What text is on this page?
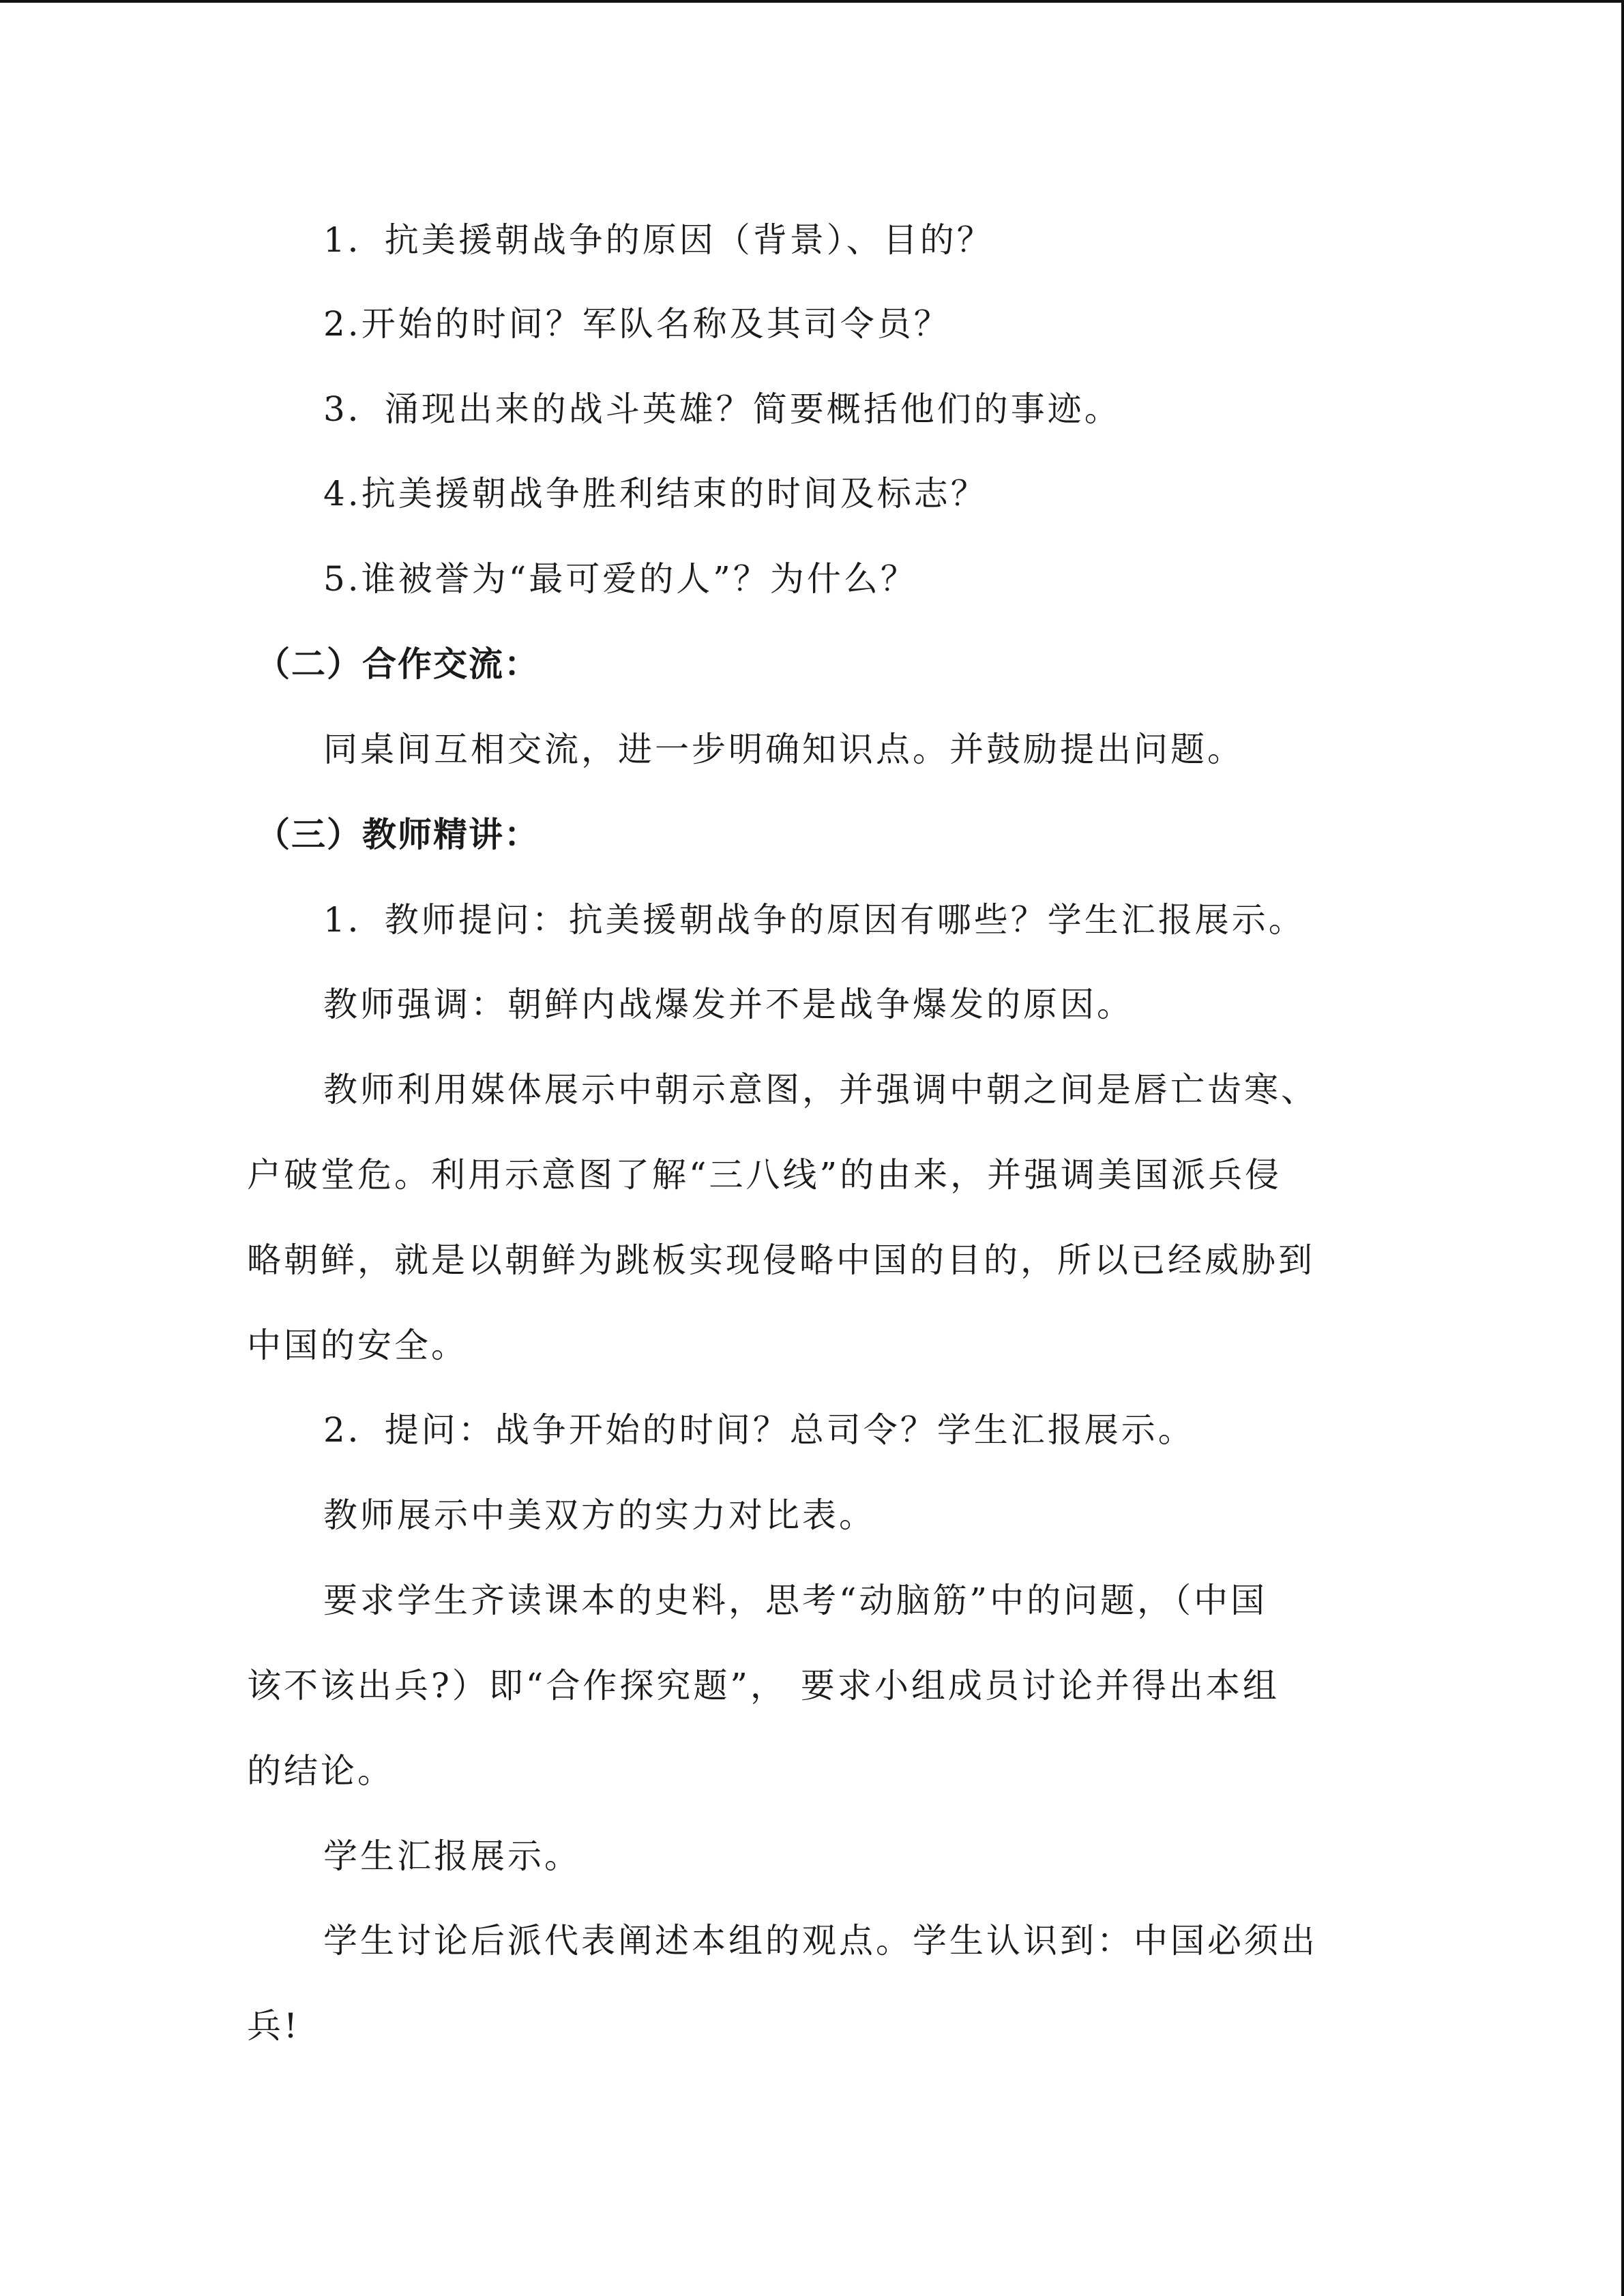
1．抗美援朝战争的原因（背景）、目的？
2.开始的时间？军队名称及其司令员？
3．涌现出来的战斗英雄？简要概括他们的事迹。
4.抗美援朝战争胜利结束的时间及标志？
5.谁被誉为“最可爱的人”？为什么？
（二）合作交流：
同桌间互相交流，进一步明确知识点。并鼓励提出问题。
（三）教师精讲：
1．教师提问：抗美援朝战争的原因有哪些？学生汇报展示。
教师强调：朝鲜内战爆发并不是战争爆发的原因。
教师利用媒体展示中朝示意图，并强调中朝之间是唇亡齿寒、
户破堂危。利用示意图了解“三八线”的由来，并强调美国派兵侵
略朝鲜，就是以朝鲜为跳板实现侵略中国的目的，所以已经威胁到
中国的安全。
2．提问：战争开始的时间？总司令？学生汇报展示。
教师展示中美双方的实力对比表。
要求学生齐读课本的史料，思考“动脑筋”中的问题，（中国
该不该出兵?）即“合作探究题”， 要求小组成员讨论并得出本组
的结论。
学生汇报展示。
学生讨论后派代表阐述本组的观点。学生认识到：中国必须出
兵!
